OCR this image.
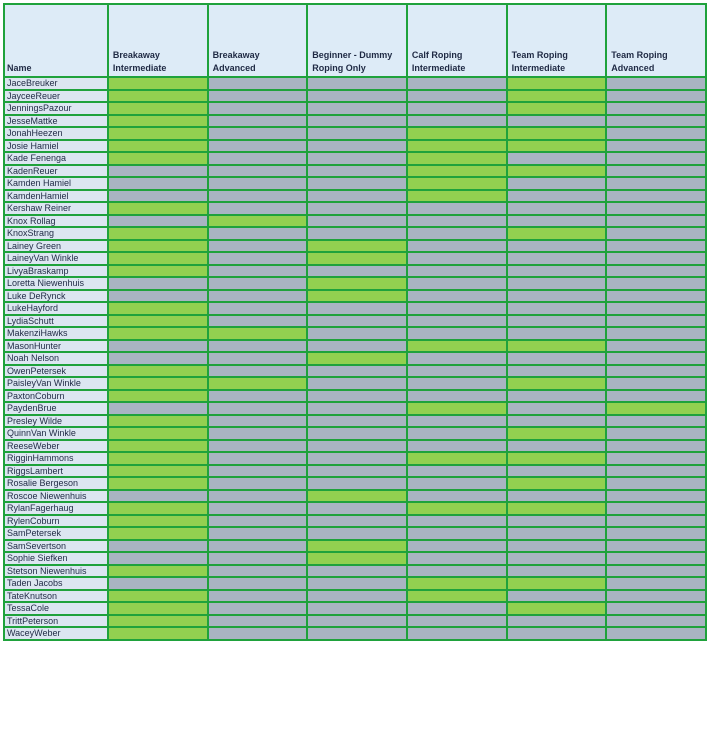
Name	Breakaway Intermediate	Breakaway Advanced	Beginner - Dummy Roping Only	Calf Roping Intermediate	Team Roping Intermediate	Team Roping Advanced
JaceBreuker						
JayceeReuer						
JenningsPazour						
JesseMattke						
JonahHeezen						
Josie Hamiel						
Kade Fenenga						
KadenReuer						
Kamden Hamiel						
KamdenHamiel						
Kershaw Reiner						
Knox Rollag						
KnoxStrang						
Lainey Green						
LaineyVan Winkle						
LivyaBraskamp						
Loretta Niewenhuis						
Luke DeRynck						
LukeHayford						
LydiaSchutt						
MakenziHawks						
MasonHunter						
Noah Nelson						
OwenPetersek						
PaisleyVan Winkle						
PaxtonCoburn						
PaydenBrue						
Presley Wilde						
QuinnVan Winkle						
ReeseWeber						
RigginHammons						
RiggsLambert						
Rosalie Bergeson						
Roscoe Niewenhuis						
RylanFagerhaug						
RylenCoburn						
SamPetersek						
SamSevertson						
Sophie Siefken						
Stetson Niewenhuis						
Taden Jacobs						
TateKnutson						
TessaCole						
TrittPeterson						
WaceyWeber						
